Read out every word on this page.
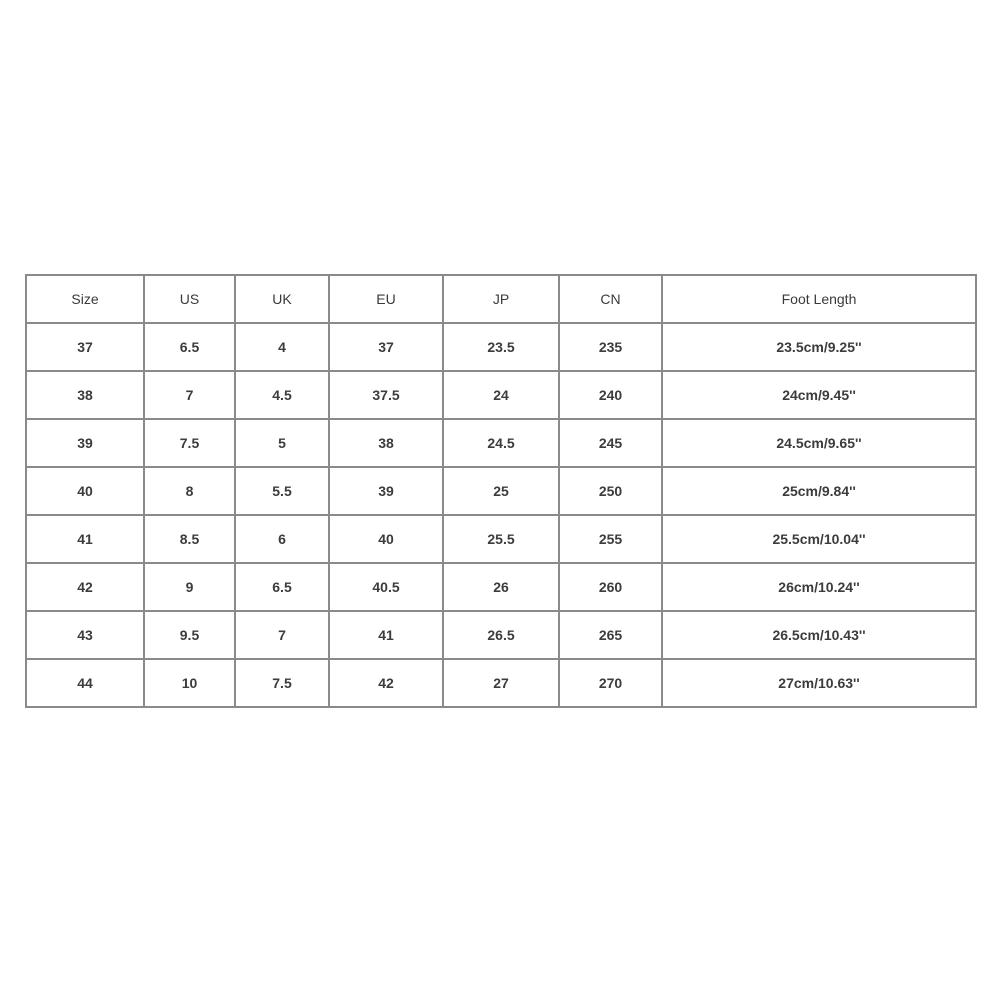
Size	US	UK	EU	JP	CN	Foot Length
37	6.5	4	37	23.5	235	23.5cm/9.25''
38	7	4.5	37.5	24	240	24cm/9.45''
39	7.5	5	38	24.5	245	24.5cm/9.65''
40	8	5.5	39	25	250	25cm/9.84''
41	8.5	6	40	25.5	255	25.5cm/10.04''
42	9	6.5	40.5	26	260	26cm/10.24''
43	9.5	7	41	26.5	265	26.5cm/10.43''
44	10	7.5	42	27	270	27cm/10.63''
